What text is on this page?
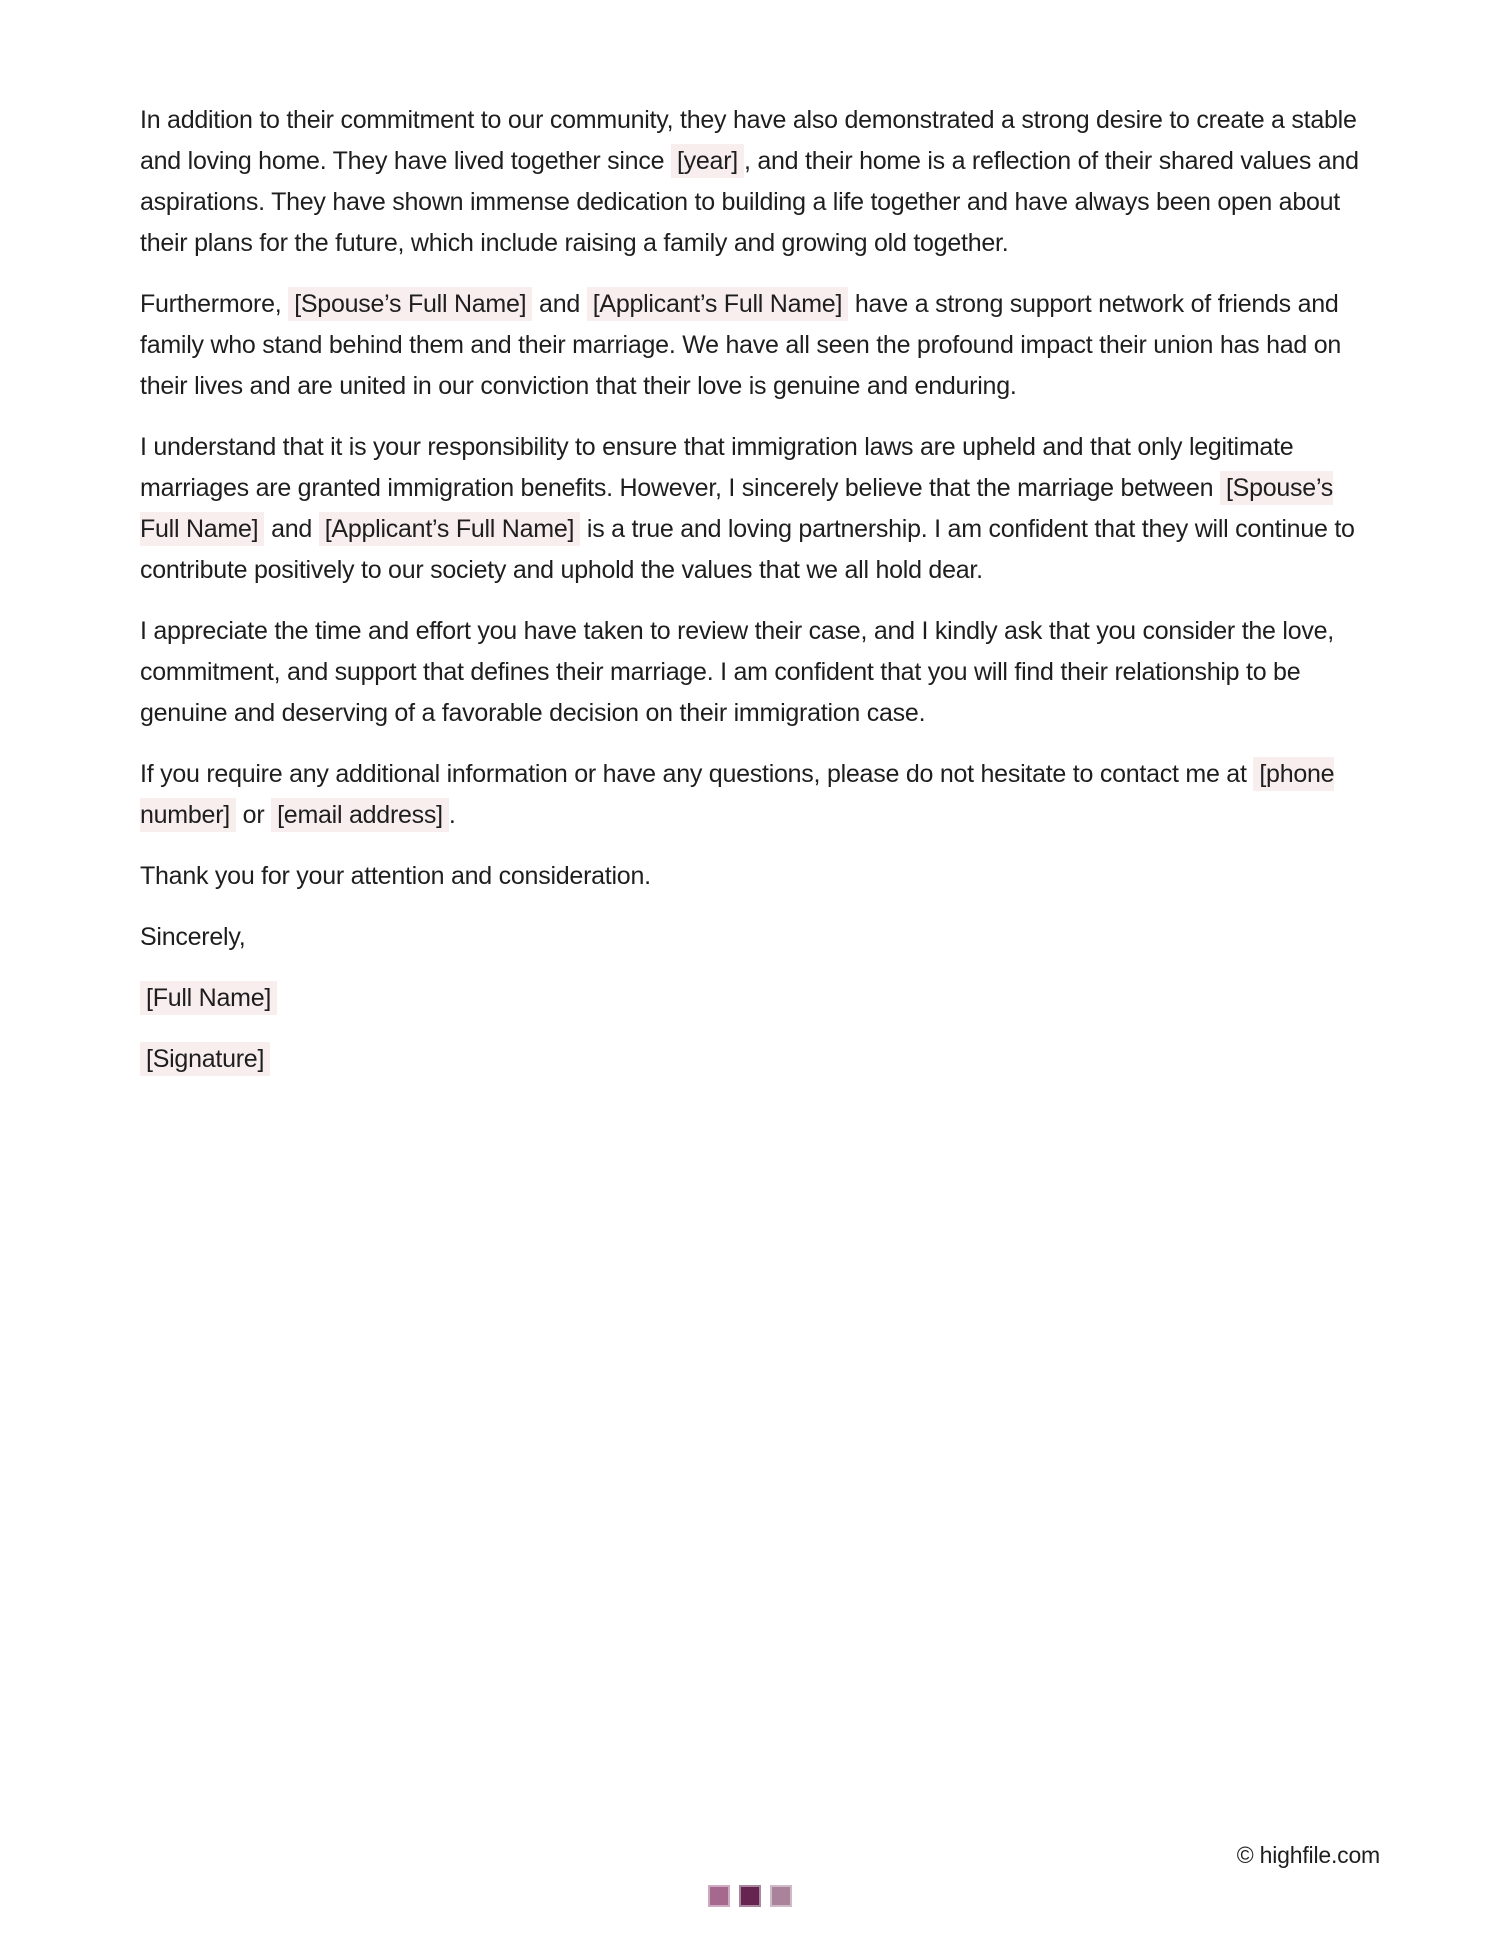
In addition to their commitment to our community, they have also demonstrated a strong desire to create a stable and loving home. They have lived together since [year] , and their home is a reflection of their shared values and aspirations. They have shown immense dedication to building a life together and have always been open about their plans for the future, which include raising a family and growing old together.

Furthermore, [Spouse’s Full Name] and [Applicant’s Full Name] have a strong support network of friends and family who stand behind them and their marriage. We have all seen the profound impact their union has had on their lives and are united in our conviction that their love is genuine and enduring.

I understand that it is your responsibility to ensure that immigration laws are upheld and that only legitimate marriages are granted immigration benefits. However, I sincerely believe that the marriage between [Spouse’s Full Name] and [Applicant’s Full Name] is a true and loving partnership. I am confident that they will continue to contribute positively to our society and uphold the values that we all hold dear.

I appreciate the time and effort you have taken to review their case, and I kindly ask that you consider the love, commitment, and support that defines their marriage. I am confident that you will find their relationship to be genuine and deserving of a favorable decision on their immigration case.

If you require any additional information or have any questions, please do not hesitate to contact me at [phone number] or [email address] .

Thank you for your attention and consideration.

Sincerely,

[Full Name]

[Signature]

© highfile.com
